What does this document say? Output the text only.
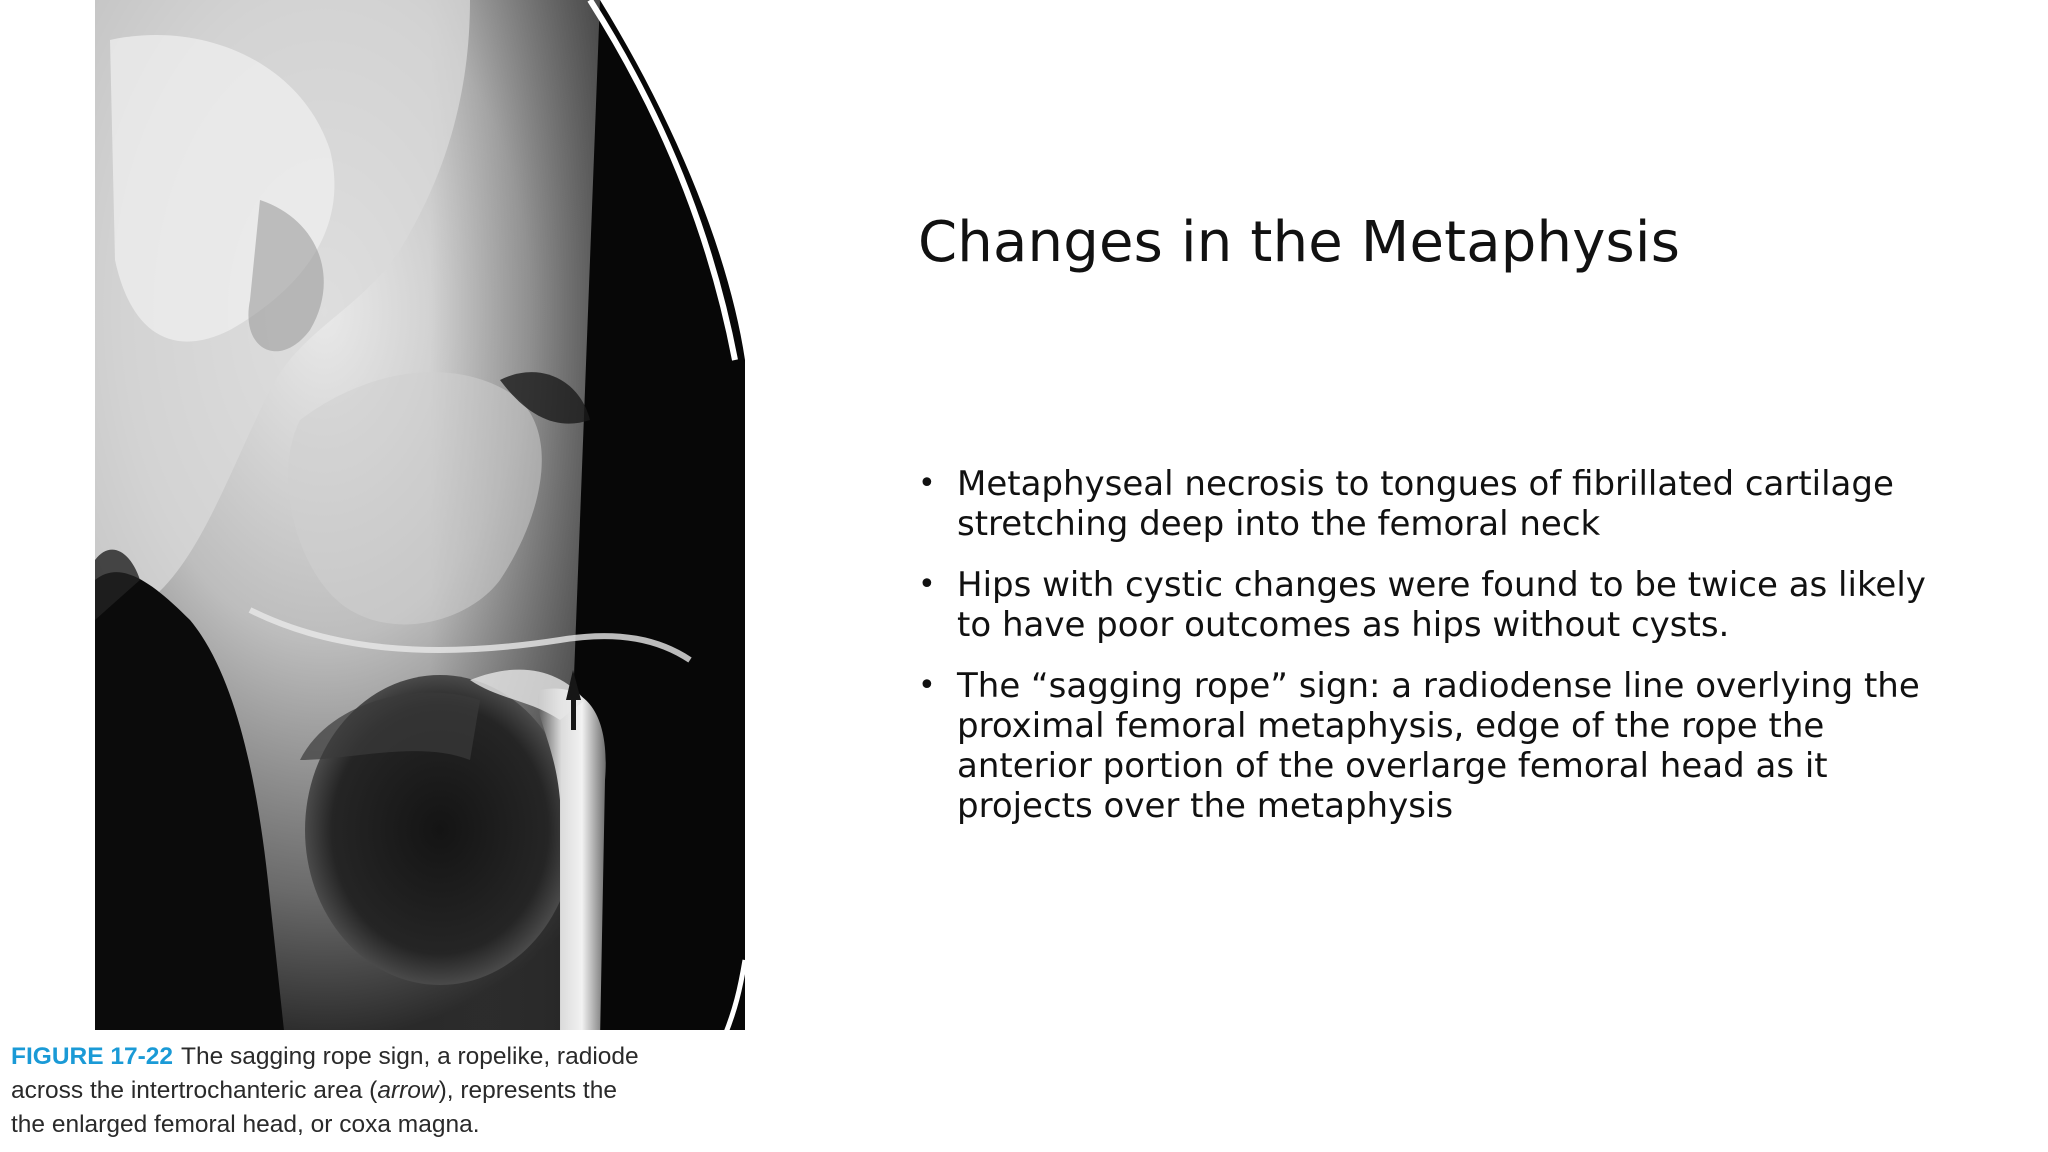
FIGURE 17-22 The sagging rope sign, a ropelike, radiode
across the intertrochanteric area (arrow), represents the
the enlarged femoral head, or coxa magna.
Changes in the Metaphysis
• Metaphyseal necrosis to tongues of fibrillated cartilage stretching deep into the femoral neck
• Hips with cystic changes were found to be twice as likely to have poor outcomes as hips without cysts.
• The “sagging rope” sign: a radiodense line overlying the proximal femoral metaphysis, edge of the rope the anterior portion of the overlarge femoral head as it projects over the metaphysis
